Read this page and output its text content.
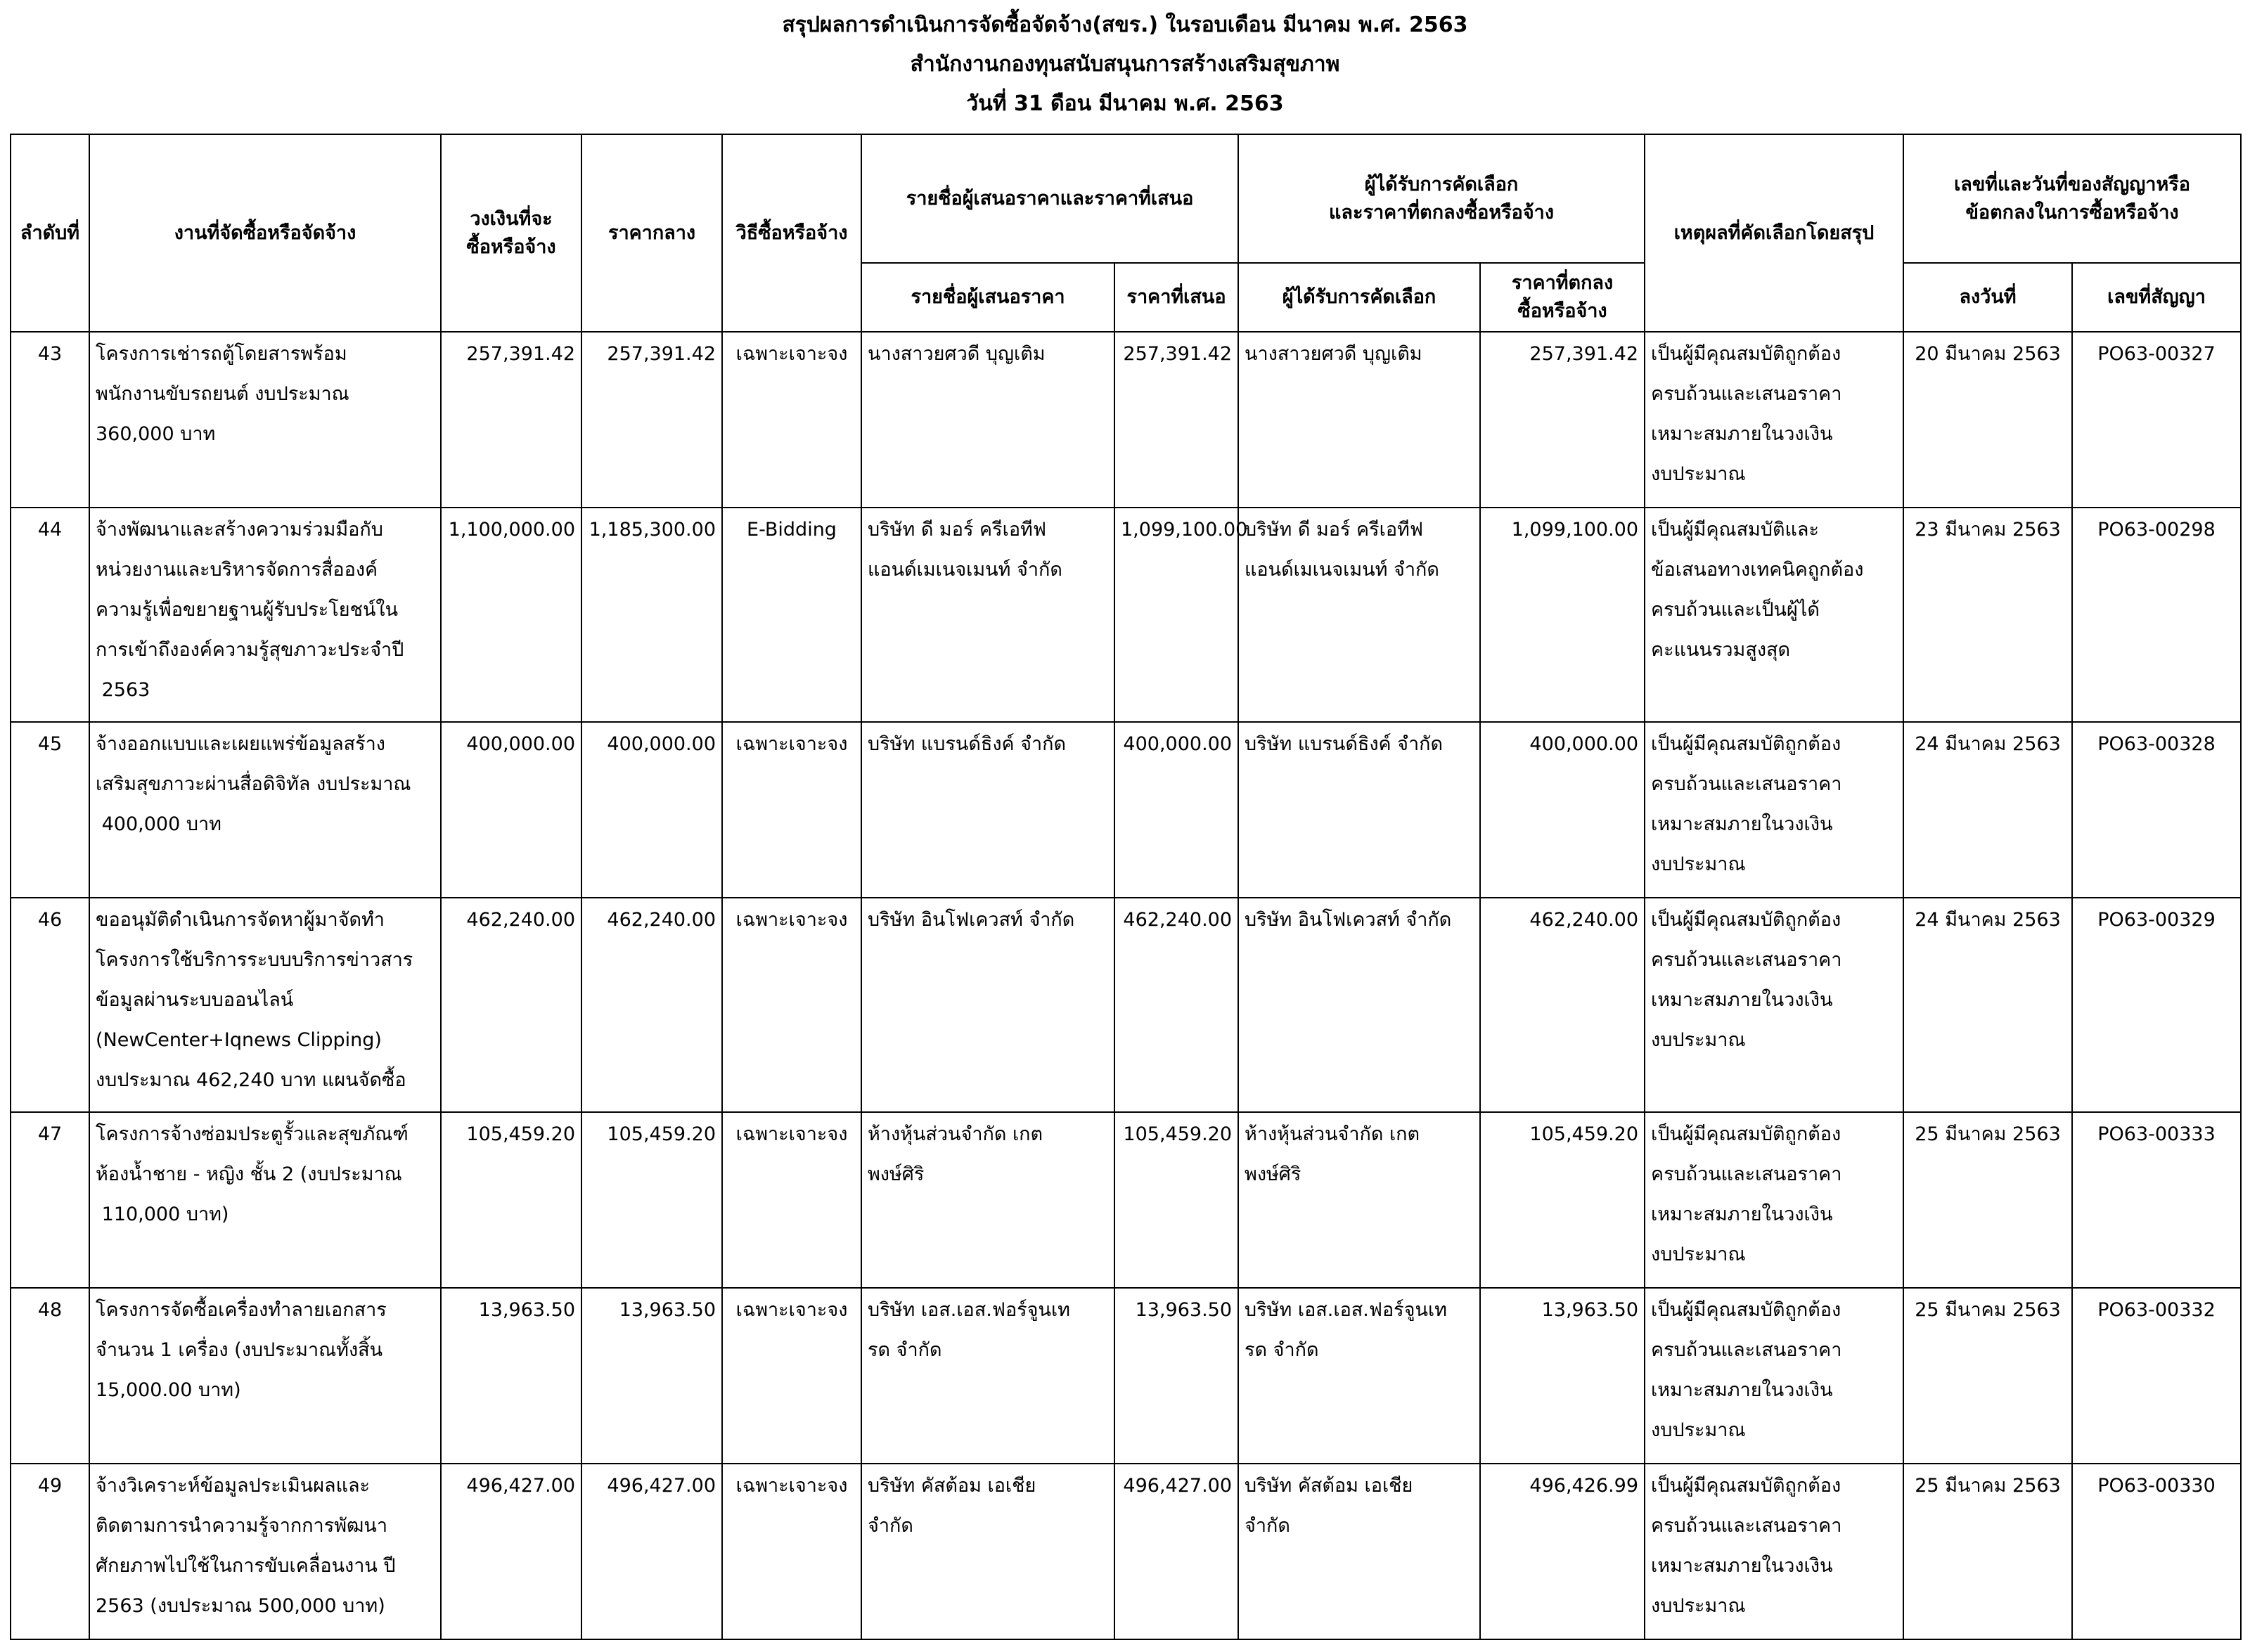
สรุปผลการดำเนินการจัดซื้อจัดจ้าง(สขร.) ในรอบเดือน มีนาคม พ.ศ. 2563
สำนักงานกองทุนสนับสนุนการสร้างเสริมสุขภาพ
วันที่ 31 ดือน มีนาคม พ.ศ. 2563
ลำดับที่	งานที่จัดซื้อหรือจัดจ้าง	วงเงินที่จะ
ซื้อหรือจ้าง	ราคากลาง	วิธีซื้อหรือจ้าง	รายชื่อผู้เสนอราคาและราคาที่เสนอ		ผู้ได้รับการคัดเลือก
และราคาที่ตกลงซื้อหรือจ้าง		เหตุผลที่คัดเลือกโดยสรุป	เลขที่และวันที่ของสัญญาหรือ
ข้อตกลงในการซื้อหรือจ้าง	
					รายชื่อผู้เสนอราคา	ราคาที่เสนอ	ผู้ได้รับการคัดเลือก	ราคาที่ตกลง
ซื้อหรือจ้าง		ลงวันที่	เลขที่สัญญา
43	โครงการเช่ารถตู้โดยสารพร้อม
พนักงานขับรถยนต์ งบประมาณ
360,000 บาท	257,391.42	257,391.42	เฉพาะเจาะจง	นางสาวยศวดี บุญเติม	257,391.42	นางสาวยศวดี บุญเติม	257,391.42	เป็นผู้มีคุณสมบัติถูกต้อง
ครบถ้วนและเสนอราคา
เหมาะสมภายในวงเงิน
งบประมาณ	20 มีนาคม 2563	PO63-00327
44	จ้างพัฒนาและสร้างความร่วมมือกับ
หน่วยงานและบริหารจัดการสื่อองค์
ความรู้เพื่อขยายฐานผู้รับประโยชน์ใน
การเข้าถึงองค์ความรู้สุขภาวะประจำปี
2563	1,100,000.00	1,185,300.00	E-Bidding	บริษัท ดี มอร์ ครีเอทีฟ
แอนด์เมเนจเมนท์ จำกัด	1,099,100.00	บริษัท ดี มอร์ ครีเอทีฟ
แอนด์เมเนจเมนท์ จำกัด	1,099,100.00	เป็นผู้มีคุณสมบัติและ
ข้อเสนอทางเทคนิคถูกต้อง
ครบถ้วนและเป็นผู้ได้
คะแนนรวมสูงสุด	23 มีนาคม 2563	PO63-00298
45	จ้างออกแบบและเผยแพร่ข้อมูลสร้าง
เสริมสุขภาวะผ่านสื่อดิจิทัล งบประมาณ
400,000 บาท	400,000.00	400,000.00	เฉพาะเจาะจง	บริษัท แบรนด์ธิงค์ จำกัด	400,000.00	บริษัท แบรนด์ธิงค์ จำกัด	400,000.00	เป็นผู้มีคุณสมบัติถูกต้อง
ครบถ้วนและเสนอราคา
เหมาะสมภายในวงเงิน
งบประมาณ	24 มีนาคม 2563	PO63-00328
46	ขออนุมัติดำเนินการจัดหาผู้มาจัดทำ
โครงการใช้บริการระบบบริการข่าวสาร
ข้อมูลผ่านระบบออนไลน์
(NewCenter+Iqnews Clipping)
งบประมาณ 462,240 บาท แผนจัดซื้อ	462,240.00	462,240.00	เฉพาะเจาะจง	บริษัท อินโฟเควสท์ จำกัด	462,240.00	บริษัท อินโฟเควสท์ จำกัด	462,240.00	เป็นผู้มีคุณสมบัติถูกต้อง
ครบถ้วนและเสนอราคา
เหมาะสมภายในวงเงิน
งบประมาณ	24 มีนาคม 2563	PO63-00329
47	โครงการจ้างซ่อมประตูรั้วและสุขภัณฑ์
ห้องน้ำชาย - หญิง ชั้น 2 (งบประมาณ
110,000 บาท)	105,459.20	105,459.20	เฉพาะเจาะจง	ห้างหุ้นส่วนจำกัด เกต
พงษ์ศิริ	105,459.20	ห้างหุ้นส่วนจำกัด เกต
พงษ์ศิริ	105,459.20	เป็นผู้มีคุณสมบัติถูกต้อง
ครบถ้วนและเสนอราคา
เหมาะสมภายในวงเงิน
งบประมาณ	25 มีนาคม 2563	PO63-00333
48	โครงการจัดซื้อเครื่องทำลายเอกสาร
จำนวน 1 เครื่อง (งบประมาณทั้งสิ้น
15,000.00 บาท)	13,963.50	13,963.50	เฉพาะเจาะจง	บริษัท เอส.เอส.ฟอร์จูนเท
รด จำกัด	13,963.50	บริษัท เอส.เอส.ฟอร์จูนเท
รด จำกัด	13,963.50	เป็นผู้มีคุณสมบัติถูกต้อง
ครบถ้วนและเสนอราคา
เหมาะสมภายในวงเงิน
งบประมาณ	25 มีนาคม 2563	PO63-00332
49	จ้างวิเคราะห์ข้อมูลประเมินผลและ
ติดตามการนำความรู้จากการพัฒนา
ศักยภาพไปใช้ในการขับเคลื่อนงาน ปี
2563 (งบประมาณ 500,000 บาท)	496,427.00	496,427.00	เฉพาะเจาะจง	บริษัท คัสต้อม เอเชีย
จำกัด	496,427.00	บริษัท คัสต้อม เอเชีย
จำกัด	496,426.99	เป็นผู้มีคุณสมบัติถูกต้อง
ครบถ้วนและเสนอราคา
เหมาะสมภายในวงเงิน
งบประมาณ	25 มีนาคม 2563	PO63-00330
